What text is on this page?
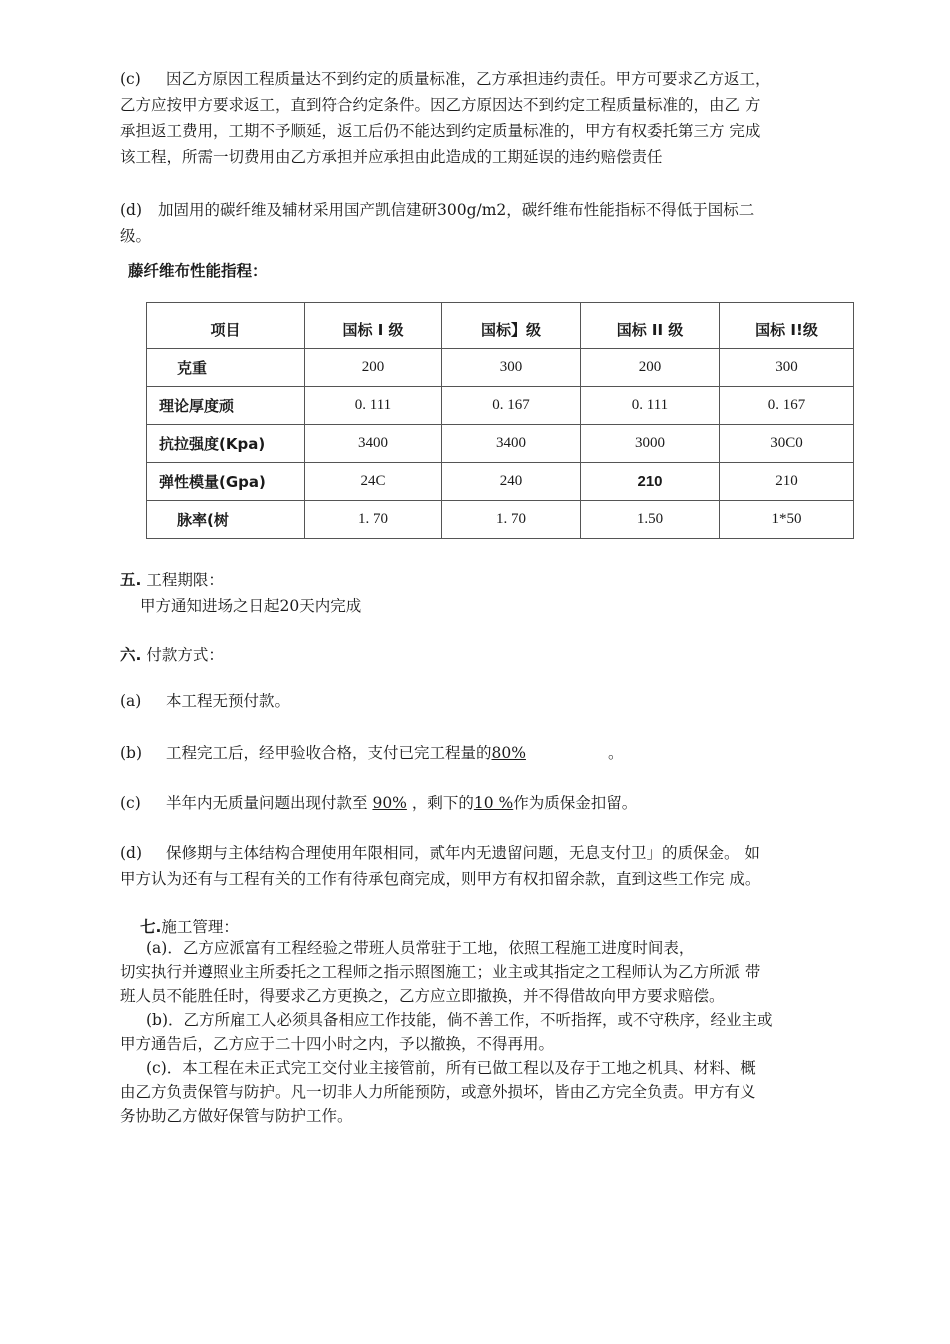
(c) 因乙方原因工程质量达不到约定的质量标准，乙方承担违约责任。甲方可要求乙方返工，
乙方应按甲方要求返工，直到符合约定条件。因乙方原因达不到约定工程质量标准的，由乙 方
承担返工费用，工期不予顺延，返工后仍不能达到约定质量标准的，甲方有权委托第三方 完成
该工程，所需一切费用由乙方承担并应承担由此造成的工期延误的违约赔偿责任
(d) 加固用的碳纤维及辅材采用国产凯信建研300g/m2，碳纤维布性能指标不得低于国标二
级。
藤纤维布性能指程：
项目	国标 I 级	国标】级	国标 II 级	国标 I!级
克重	200	300	200	300
理论厚度顽	0. 111	0. 167	0. 111	0. 167
抗拉强度(Kpa)	3400	3400	3000	30C0
弹性模量(Gpa)	24C	240	210	210
脉率(树	1. 70	1. 70	1.50	1*50
五. 工程期限：
甲方通知进场之日起20天内完成
六. 付款方式：
(a) 本工程无预付款。
(b) 工程完工后，经甲验收合格，支付已完工程量的80%	。
(c) 半年内无质量问题出现付款至 90% ，剩下的10 %作为质保金扣留。
(d) 保修期与主体结构合理使用年限相同，贰年内无遗留问题，无息支付卫」的质保金。 如
甲方认为还有与工程有关的工作有待承包商完成，则甲方有权扣留余款，直到这些工作完 成。
七.施工管理：
(a)．乙方应派富有工程经验之带班人员常驻于工地，依照工程施工进度时间表，
切实执行并遵照业主所委托之工程师之指示照图施工；业主或其指定之工程师认为乙方所派 带
班人员不能胜任时，得要求乙方更换之，乙方应立即撤换，并不得借故向甲方要求赔偿。
(b)．乙方所雇工人必须具备相应工作技能，倘不善工作，不听指挥，或不守秩序，经业主或
甲方通告后，乙方应于二十四小时之内，予以撤换，不得再用。
(c)．本工程在未正式完工交付业主接管前，所有已做工程以及存于工地之机具、材料、概
由乙方负责保管与防护。凡一切非人力所能预防，或意外损坏，皆由乙方完全负责。甲方有义
务协助乙方做好保管与防护工作。
